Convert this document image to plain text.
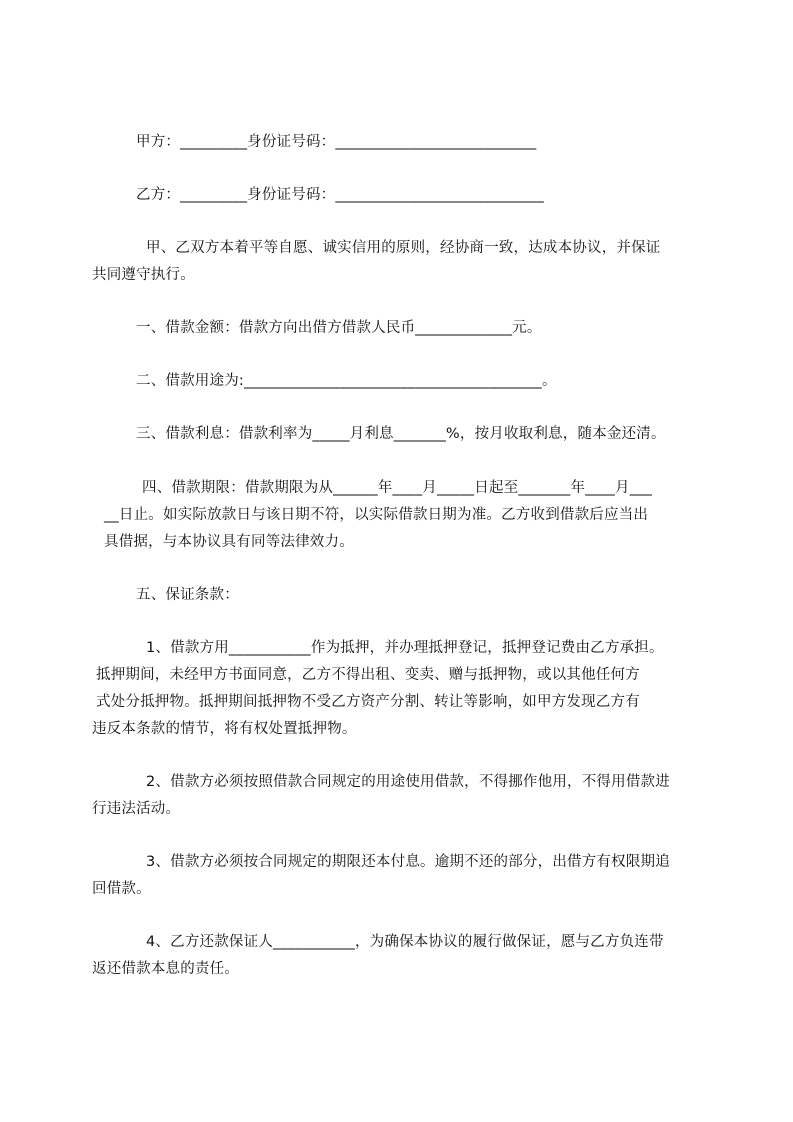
甲方：_________身份证号码：___________________________
乙方：_________身份证号码：____________________________
甲、乙双方本着平等自愿、诚实信用的原则，经协商一致，达成本协议，并保证
共同遵守执行。
一、借款金额：借款方向出借方借款人民币_____________元。
二、借款用途为:________________________________________。
三、借款利息：借款利率为_____月利息_______%，按月收取利息，随本金还清。
四、借款期限：借款期限为从______年____月_____日起至_______年____月___
__日止。如实际放款日与该日期不符，以实际借款日期为准。乙方收到借款后应当出
具借据，与本协议具有同等法律效力。
五、保证条款：
1、借款方用___________作为抵押，并办理抵押登记，抵押登记费由乙方承担。
抵押期间，未经甲方书面同意，乙方不得出租、变卖、赠与抵押物，或以其他任何方
式处分抵押物。抵押期间抵押物不受乙方资产分割、转让等影响，如甲方发现乙方有
违反本条款的情节，将有权处置抵押物。
2、借款方必须按照借款合同规定的用途使用借款，不得挪作他用，不得用借款进
行违法活动。
3、借款方必须按合同规定的期限还本付息。逾期不还的部分，出借方有权限期追
回借款。
4、乙方还款保证人___________，为确保本协议的履行做保证，愿与乙方负连带
返还借款本息的责任。
